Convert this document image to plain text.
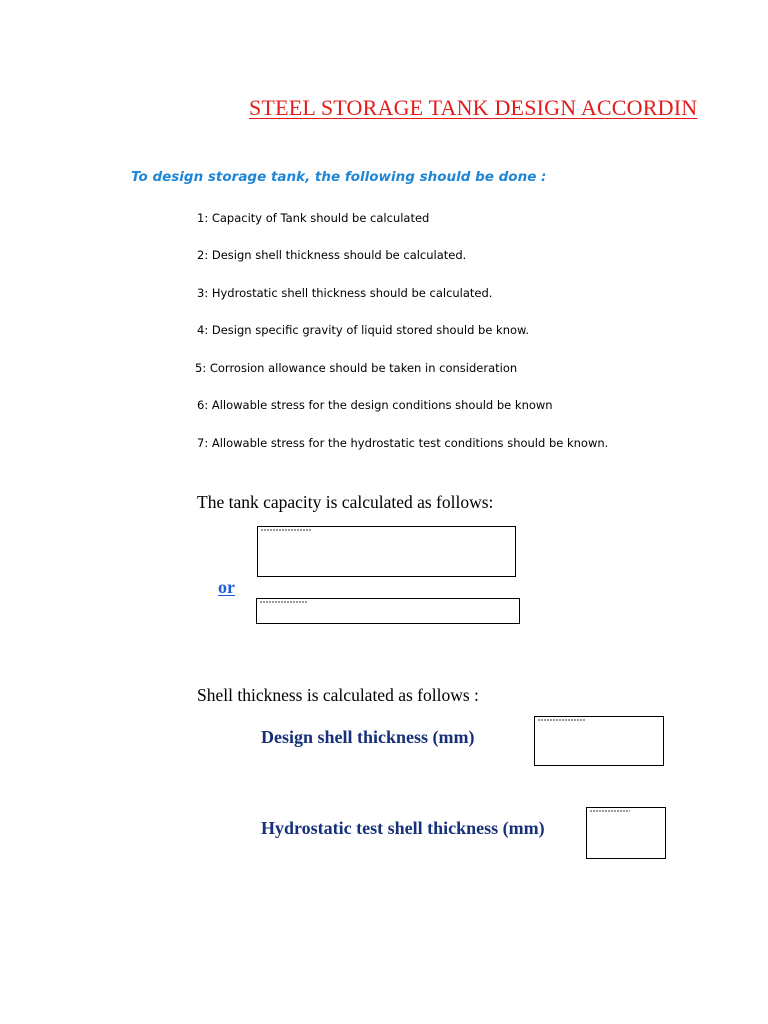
STEEL STORAGE TANK DESIGN ACCORDIN
To design storage tank, the following should be done :
1: Capacity of Tank should be calculated
2: Design shell thickness should be calculated.
3: Hydrostatic shell thickness should be calculated.
4: Design specific gravity of liquid stored should be know.
5: Corrosion allowance should be taken in consideration
6: Allowable stress for the design conditions should be known
7: Allowable stress for the hydrostatic test conditions should be known.
The tank capacity is calculated as follows:
or
Shell thickness is calculated as follows :
Design shell thickness (mm)
Hydrostatic test shell thickness (mm)
